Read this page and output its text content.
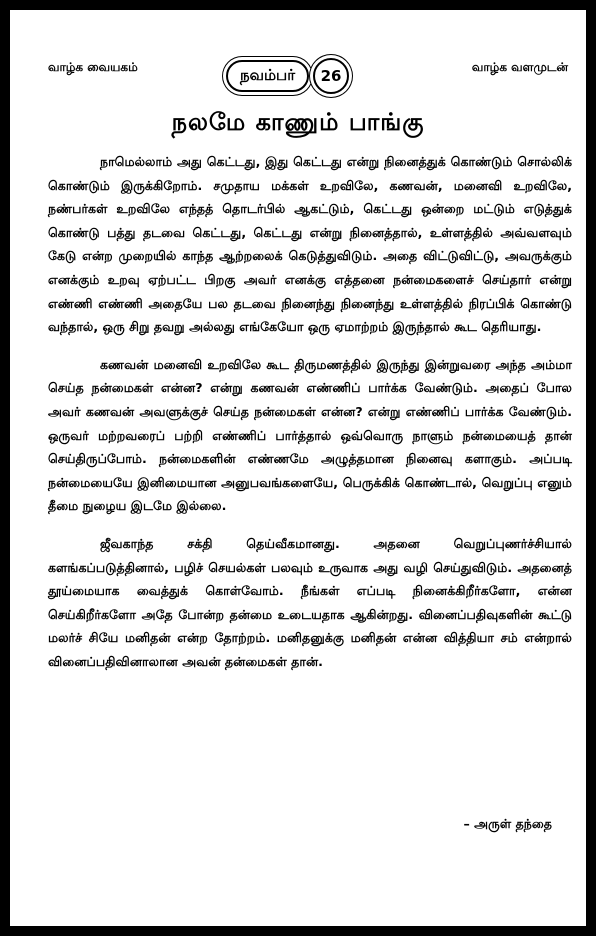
வாழ்க வையகம்	நவம்பர்	26	வாழ்க வளமுடன்
நலமே காணும் பாங்கு

நாமெல்லாம் அது கெட்டது, இது கெட்டது என்று நினைத்துக் கொண்டும் சொல்லிக் கொண்டும் இருக்கிறோம். சமுதாய மக்கள் உறவிலே, கணவன், மனைவி உறவிலே, நண்பர்கள் உறவிலே எந்தத் தொடர்பில் ஆகட்டும், கெட்டது ஒன்றை மட்டும் எடுத்துக் கொண்டு பத்து தடவை கெட்டது, கெட்டது என்று நினைத்தால், உள்ளத்தில் அவ்வளவும் கேடு என்ற முறையில் காந்த ஆற்றலைக் கெடுத்துவிடும். அதை விட்டுவிட்டு, அவருக்கும் எனக்கும் உறவு ஏற்பட்ட பிறகு அவர் எனக்கு எத்தனை நன்மைகளைச் செய்தார் என்று எண்ணி எண்ணி அதையே பல தடவை நினைந்து நினைந்து உள்ளத்தில் நிரப்பிக் கொண்டு வந்தால், ஒரு சிறு தவறு அல்லது எங்கேயோ ஒரு ஏமாற்றம் இருந்தால் கூட தெரியாது.

கணவன் மனைவி உறவிலே கூட திருமணத்தில் இருந்து இன்றுவரை அந்த அம்மா செய்த நன்மைகள் என்ன? என்று கணவன் எண்ணிப் பார்க்க வேண்டும். அதைப் போல அவர் கணவன் அவளுக்குச் செய்த நன்மைகள் என்ன? என்று எண்ணிப் பார்க்க வேண்டும். ஒருவர் மற்றவரைப் பற்றி எண்ணிப் பார்த்தால் ஒவ்வொரு நாளும் நன்மையைத் தான் செய்திருப்போம். நன்மைகளின் எண்ணமே அழுத்தமான நினைவு களாகும். அப்படி நன்மையையே இனிமையான அனுபவங்களையே, பெருக்கிக் கொண்டால், வெறுப்பு எனும் தீமை நுழைய இடமே இல்லை.

ஜீவகாந்த சக்தி தெய்வீகமானது. அதனை வெறுப்புணர்ச்சியால் களங்கப்படுத்தினால், பழிச் செயல்கள் பலவும் உருவாக அது வழி செய்துவிடும். அதனைத் தூய்மையாக வைத்துக் கொள்வோம். நீங்கள் எப்படி நினைக்கிறீர்களோ, என்ன செய்கிறீர்களோ அதே போன்ற தன்மை உடையதாக ஆகின்றது. வினைப்பதிவுகளின் கூட்டு மலர்ச் சியே மனிதன் என்ற தோற்றம். மனிதனுக்கு மனிதன் என்ன வித்தியா சம் என்றால் வினைப்பதிவினாலான அவன் தன்மைகள் தான்.

– அருள் தந்தை
